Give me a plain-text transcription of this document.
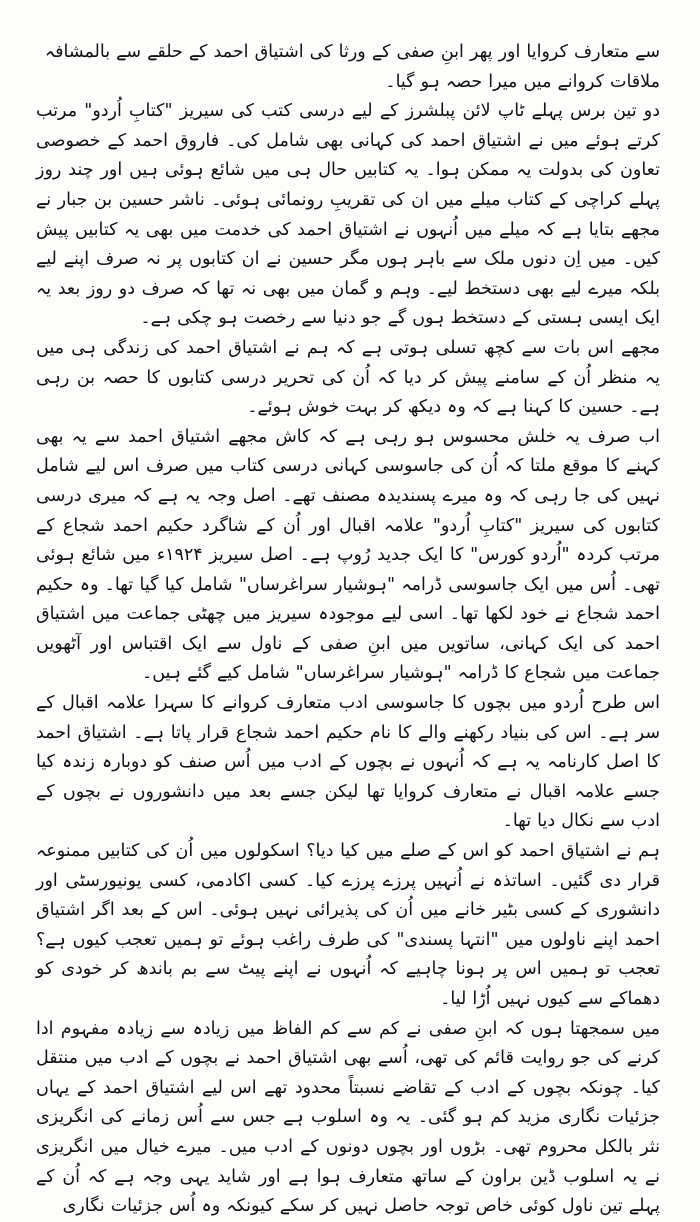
سے متعارف کروایا اور پھر ابنِ صفی کے ورثا کی اشتیاق احمد کے حلقے سے بالمشافہ ملاقات کروانے میں میرا حصہ ہو گیا۔

دو تین برس پہلے ٹاپ لائن پبلشرز کے لیے درسی کتب کی سیریز "کتابِ اُردو" مرتب کرتے ہوئے میں نے اشتیاق احمد کی کہانی بھی شامل کی۔ فاروق احمد کے خصوصی تعاون کی بدولت یہ ممکن ہوا۔ یہ کتابیں حال ہی میں شائع ہوئی ہیں اور چند روز پہلے کراچی کے کتاب میلے میں ان کی تقریبِ رونمائی ہوئی۔ ناشر حسین بن جبار نے مجھے بتایا ہے کہ میلے میں اُنہوں نے اشتیاق احمد کی خدمت میں بھی یہ کتابیں پیش کیں۔ میں اِن دنوں ملک سے باہر ہوں مگر حسین نے ان کتابوں پر نہ صرف اپنے لیے بلکہ میرے لیے بھی دستخط لیے۔ وہم و گمان میں بھی نہ تھا کہ صرف دو روز بعد یہ ایک ایسی ہستی کے دستخط ہوں گے جو دنیا سے رخصت ہو چکی ہے۔

مجھے اس بات سے کچھ تسلی ہوتی ہے کہ ہم نے اشتیاق احمد کی زندگی ہی میں یہ منظر اُن کے سامنے پیش کر دیا کہ اُن کی تحریر درسی کتابوں کا حصہ بن رہی ہے۔ حسین کا کہنا ہے کہ وہ دیکھ کر بہت خوش ہوئے۔

اب صرف یہ خلش محسوس ہو رہی ہے کہ کاش مجھے اشتیاق احمد سے یہ بھی کہنے کا موقع ملتا کہ اُن کی جاسوسی کہانی درسی کتاب میں صرف اس لیے شامل نہیں کی جا رہی کہ وہ میرے پسندیدہ مصنف تھے۔ اصل وجہ یہ ہے کہ میری درسی کتابوں کی سیریز "کتابِ اُردو" علامہ اقبال اور اُن کے شاگرد حکیم احمد شجاع کے مرتب کردہ "اُردو کورس" کا ایک جدید رُوپ ہے۔ اصل سیریز ۱۹۲۴ء میں شائع ہوئی تھی۔ اُس میں ایک جاسوسی ڈرامہ "ہوشیار سراغرساں" شامل کیا گیا تھا۔ وہ حکیم احمد شجاع نے خود لکھا تھا۔ اسی لیے موجودہ سیریز میں چھٹی جماعت میں اشتیاق احمد کی ایک کہانی، ساتویں میں ابنِ صفی کے ناول سے ایک اقتباس اور آٹھویں جماعت میں شجاع کا ڈرامہ "ہوشیار سراغرساں" شامل کیے گئے ہیں۔

اس طرح اُردو میں بچوں کا جاسوسی ادب متعارف کروانے کا سہرا علامہ اقبال کے سر ہے۔ اس کی بنیاد رکھنے والے کا نام حکیم احمد شجاع قرار پاتا ہے۔ اشتیاق احمد کا اصل کارنامہ یہ ہے کہ اُنہوں نے بچوں کے ادب میں اُس صنف کو دوبارہ زندہ کیا جسے علامہ اقبال نے متعارف کروایا تھا لیکن جسے بعد میں دانشوروں نے بچوں کے ادب سے نکال دیا تھا۔

ہم نے اشتیاق احمد کو اس کے صلے میں کیا دیا؟ اسکولوں میں اُن کی کتابیں ممنوعہ قرار دی گئیں۔ اساتذہ نے اُنہیں پرزے پرزے کیا۔ کسی اکادمی، کسی یونیورسٹی اور دانشوری کے کسی بٹیر خانے میں اُن کی پذیرائی نہیں ہوئی۔ اس کے بعد اگر اشتیاق احمد اپنے ناولوں میں "انتہا پسندی" کی طرف راغب ہوئے تو ہمیں تعجب کیوں ہے؟ تعجب تو ہمیں اس پر ہونا چاہیے کہ اُنہوں نے اپنے پیٹ سے بم باندھ کر خودی کو دھماکے سے کیوں نہیں اُڑا لیا۔

میں سمجھتا ہوں کہ ابنِ صفی نے کم سے کم الفاظ میں زیادہ سے زیادہ مفہوم ادا کرنے کی جو روایت قائم کی تھی، اُسے بھی اشتیاق احمد نے بچوں کے ادب میں منتقل کیا۔ چونکہ بچوں کے ادب کے تقاضے نسبتاً محدود تھے اس لیے اشتیاق احمد کے یہاں جزئیات نگاری مزید کم ہو گئی۔ یہ وہ اسلوب ہے جس سے اُس زمانے کی انگریزی نثر بالکل محروم تھی۔ بڑوں اور بچوں دونوں کے ادب میں۔ میرے خیال میں انگریزی نے یہ اسلوب ڈین براون کے ساتھ متعارف ہوا ہے اور شاید یہی وجہ ہے کہ اُن کے پہلے تین ناول کوئی خاص توجہ حاصل نہیں کر سکے کیونکہ وہ اُس جزئیات نگاری
